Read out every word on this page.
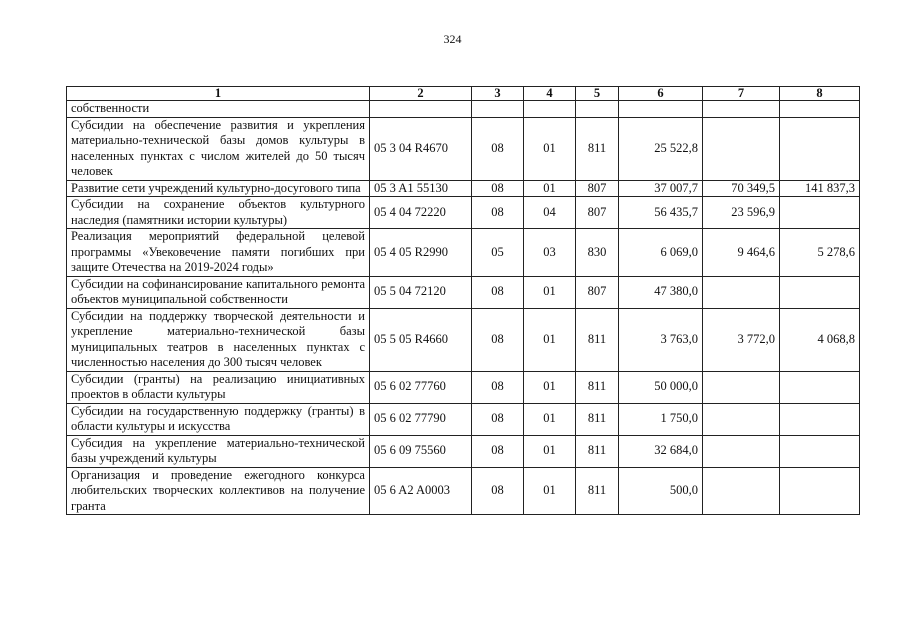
324
1	2	3	4	5	6	7	8
собственности							
Субсидии на обеспечение развития и укрепления материально-технической базы домов культуры в населенных пунктах с числом жителей до 50 тысяч человек	05 3 04 R4670	08	01	811	25 522,8		
Развитие сети учреждений культурно-досугового типа	05 3 A1 55130	08	01	807	37 007,7	70 349,5	141 837,3
Субсидии на сохранение объектов культурного наследия (памятники истории культуры)	05 4 04 72220	08	04	807	56 435,7	23 596,9	
Реализация мероприятий федеральной целевой программы «Увековечение памяти погибших при защите Отечества на 2019-2024 годы»	05 4 05 R2990	05	03	830	6 069,0	9 464,6	5 278,6
Субсидии на софинансирование капитального ремонта объектов муниципальной собственности	05 5 04 72120	08	01	807	47 380,0		
Субсидии на поддержку творческой деятельности и укрепление материально-технической базы муниципальных театров в населенных пунктах с численностью населения до 300 тысяч человек	05 5 05 R4660	08	01	811	3 763,0	3 772,0	4 068,8
Субсидии (гранты) на реализацию инициативных проектов в области культуры	05 6 02 77760	08	01	811	50 000,0		
Субсидии на государственную поддержку (гранты) в области культуры и искусства	05 6 02 77790	08	01	811	1 750,0		
Субсидия на укрепление материально-технической базы учреждений культуры	05 6 09 75560	08	01	811	32 684,0		
Организация и проведение ежегодного конкурса любительских творческих коллективов на получение гранта	05 6 A2 A0003	08	01	811	500,0		
